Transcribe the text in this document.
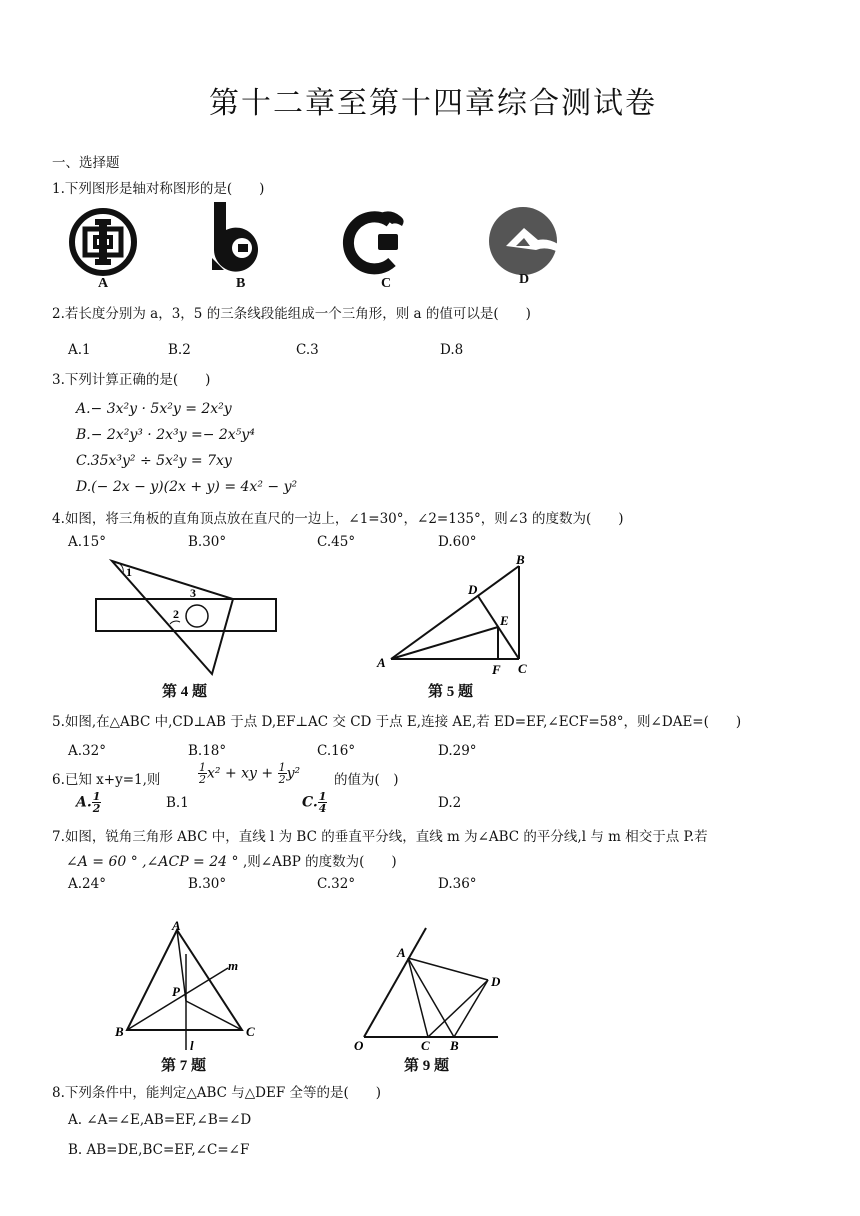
第十二章至第十四章综合测试卷
一、选择题
1.下列图形是轴对称图形的是(　　)
A	B	C	D
2.若长度分别为 a，3，5 的三条线段能组成一个三角形，则 a 的值可以是(　　)
A.1	B.2	C.3	D.8
3.下列计算正确的是(　　)
A.− 3x²y · 5x²y = 2x²y
B.− 2x²y³ · 2x³y =− 2x⁵y⁴
C.35x³y² ÷ 5x²y = 7xy
D.(− 2x − y)(2x + y) = 4x² − y²
4.如图，将三角板的直角顶点放在直尺的一边上，∠1=30°，∠2=135°，则∠3 的度数为(　　)
A.15°	B.30°	C.45°	D.60°
1
2
3
第 4 题
A
B
C
D
E
F
第 5 题
5.如图,在△ABC 中,CD⊥AB 于点 D,EF⊥AC 交 CD 于点 E,连接 AE,若 ED=EF,∠ECF=58°，则∠DAE=(　　)
A.32°	B.18°	C.16°	D.29°
6.已知 x+y=1,则	$\frac{1}{2} x^2$ + xy + $\frac{1}{2} y^2$	的值为(　)
A. $\frac{1}{2}$	B.1	C. $\frac{1}{4}$	D.2
7.如图，锐角三角形 ABC 中，直线 l 为 BC 的垂直平分线，直线 m 为∠ABC 的平分线,l 与 m 相交于点 P.若
∠A = 60 ° ,∠ACP = 24 ° ,则∠ABP 的度数为(　　)
A.24°	B.30°	C.32°	D.36°
A
B	C
P
m
l
第 7 题
A
B
C
D
O
第 9 题
8.下列条件中，能判定△ABC 与△DEF 全等的是(　　)
A. ∠A=∠E,AB=EF,∠B=∠D
B. AB=DE,BC=EF,∠C=∠F
